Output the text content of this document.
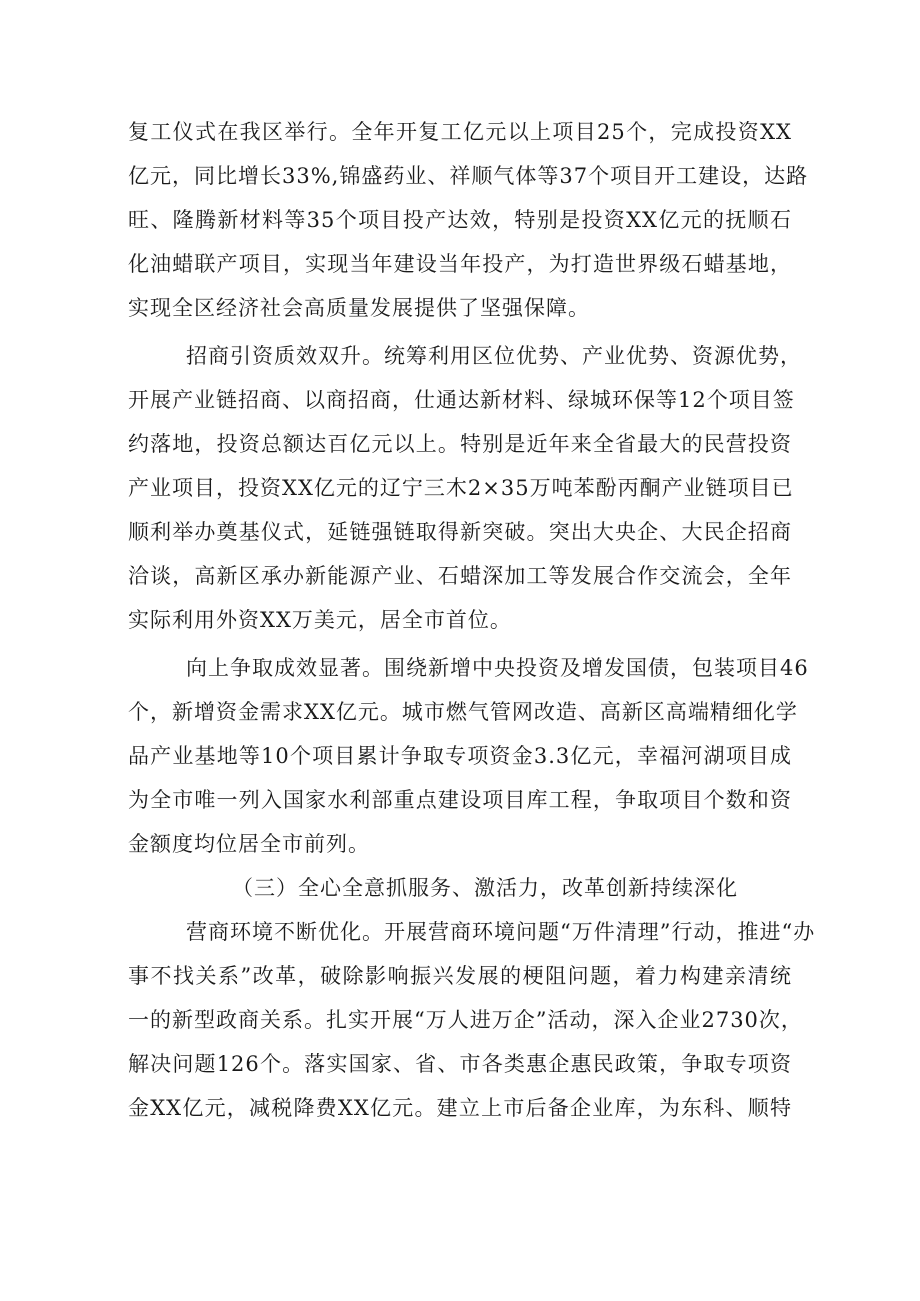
复工仪式在我区举行。全年开复工亿元以上项目25个，完成投资XX
亿元，同比增长33%,锦盛药业、祥顺气体等37个项目开工建设，达路
旺、隆腾新材料等35个项目投产达效，特别是投资XX亿元的抚顺石
化油蜡联产项目，实现当年建设当年投产，为打造世界级石蜡基地，
实现全区经济社会高质量发展提供了坚强保障。
招商引资质效双升。统筹利用区位优势、产业优势、资源优势，
开展产业链招商、以商招商，仕通达新材料、绿城环保等12个项目签
约落地，投资总额达百亿元以上。特别是近年来全省最大的民营投资
产业项目，投资XX亿元的辽宁三木2×35万吨苯酚丙酮产业链项目已
顺利举办奠基仪式，延链强链取得新突破。突出大央企、大民企招商
洽谈，高新区承办新能源产业、石蜡深加工等发展合作交流会，全年
实际利用外资XX万美元，居全市首位。
向上争取成效显著。围绕新增中央投资及增发国债，包装项目46
个，新增资金需求XX亿元。城市燃气管网改造、高新区高端精细化学
品产业基地等10个项目累计争取专项资金3.3亿元，幸福河湖项目成
为全市唯一列入国家水利部重点建设项目库工程，争取项目个数和资
金额度均位居全市前列。
（三）全心全意抓服务、激活力，改革创新持续深化
营商环境不断优化。开展营商环境问题“万件清理”行动，推进“办
事不找关系”改革，破除影响振兴发展的梗阻问题，着力构建亲清统
一的新型政商关系。扎实开展“万人进万企”活动，深入企业2730次，
解决问题126个。落实国家、省、市各类惠企惠民政策，争取专项资
金XX亿元，减税降费XX亿元。建立上市后备企业库，为东科、顺特
